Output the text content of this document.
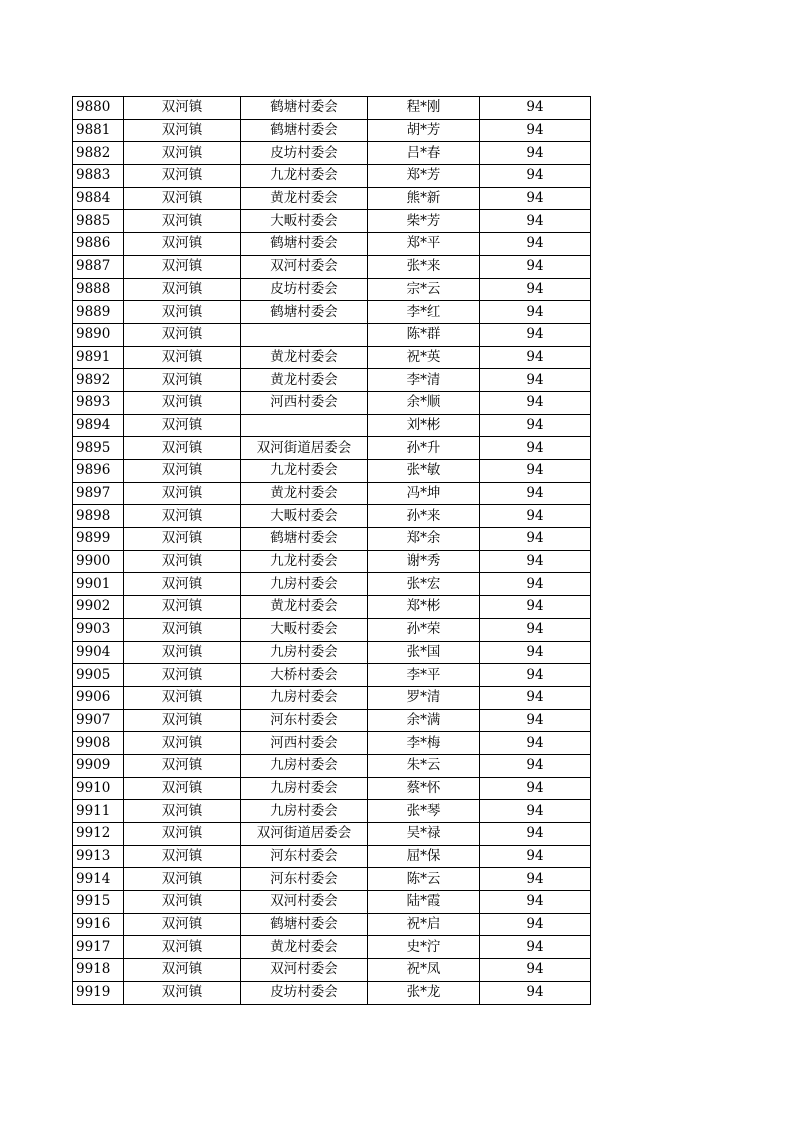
9880	双河镇	鹤塘村委会	程*刚	94
9881	双河镇	鹤塘村委会	胡*芳	94
9882	双河镇	皮坊村委会	吕*春	94
9883	双河镇	九龙村委会	郑*芳	94
9884	双河镇	黄龙村委会	熊*新	94
9885	双河镇	大畈村委会	柴*芳	94
9886	双河镇	鹤塘村委会	郑*平	94
9887	双河镇	双河村委会	张*来	94
9888	双河镇	皮坊村委会	宗*云	94
9889	双河镇	鹤塘村委会	李*红	94
9890	双河镇		陈*群	94
9891	双河镇	黄龙村委会	祝*英	94
9892	双河镇	黄龙村委会	李*清	94
9893	双河镇	河西村委会	余*顺	94
9894	双河镇		刘*彬	94
9895	双河镇	双河街道居委会	孙*升	94
9896	双河镇	九龙村委会	张*敏	94
9897	双河镇	黄龙村委会	冯*坤	94
9898	双河镇	大畈村委会	孙*来	94
9899	双河镇	鹤塘村委会	郑*余	94
9900	双河镇	九龙村委会	谢*秀	94
9901	双河镇	九房村委会	张*宏	94
9902	双河镇	黄龙村委会	郑*彬	94
9903	双河镇	大畈村委会	孙*荣	94
9904	双河镇	九房村委会	张*国	94
9905	双河镇	大桥村委会	李*平	94
9906	双河镇	九房村委会	罗*清	94
9907	双河镇	河东村委会	余*满	94
9908	双河镇	河西村委会	李*梅	94
9909	双河镇	九房村委会	朱*云	94
9910	双河镇	九房村委会	蔡*怀	94
9911	双河镇	九房村委会	张*琴	94
9912	双河镇	双河街道居委会	吴*禄	94
9913	双河镇	河东村委会	屈*保	94
9914	双河镇	河东村委会	陈*云	94
9915	双河镇	双河村委会	陆*霞	94
9916	双河镇	鹤塘村委会	祝*启	94
9917	双河镇	黄龙村委会	史*泞	94
9918	双河镇	双河村委会	祝*凤	94
9919	双河镇	皮坊村委会	张*龙	94
